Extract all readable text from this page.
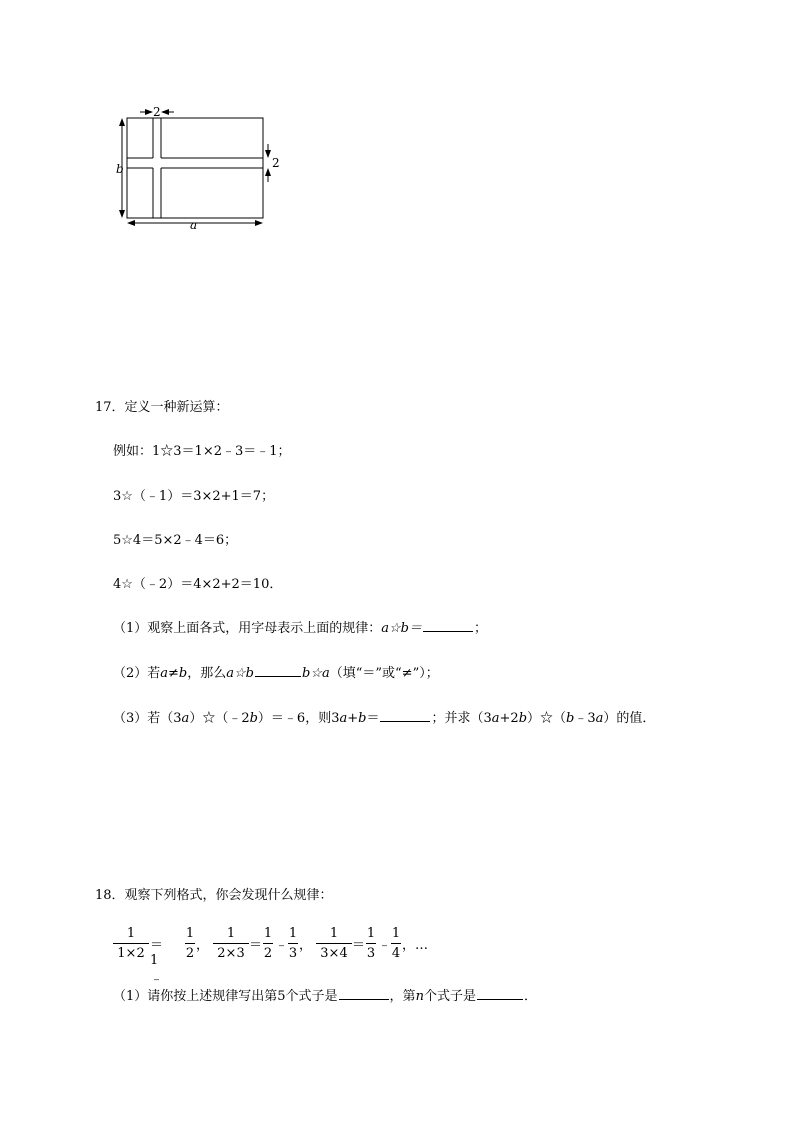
b
a
2
2
17．定义一种新运算：
例如：1☆3＝1×2﹣3＝﹣1；
3☆（﹣1）＝3×2+1＝7；
5☆4＝5×2﹣4＝6；
4☆（﹣2）＝4×2+2＝10．
（1）观察上面各式，用字母表示上面的规律：a☆b＝	；
（2）若a≠b，那么a☆b	b☆a（填“＝”或“≠”）；
（3）若（3a）☆（﹣2b）＝﹣6，则3a+b＝	；并求（3a+2b）☆（b﹣3a）的值．
18．观察下列格式，你会发现什么规律：
1
1×2
＝1﹣
1
2
，
1
2×3
＝
1
2
﹣
1
3
，
1
3×4
＝
1
3
﹣
1
4
，…
（1）请你按上述规律写出第5个式子是	，第n个式子是	．
